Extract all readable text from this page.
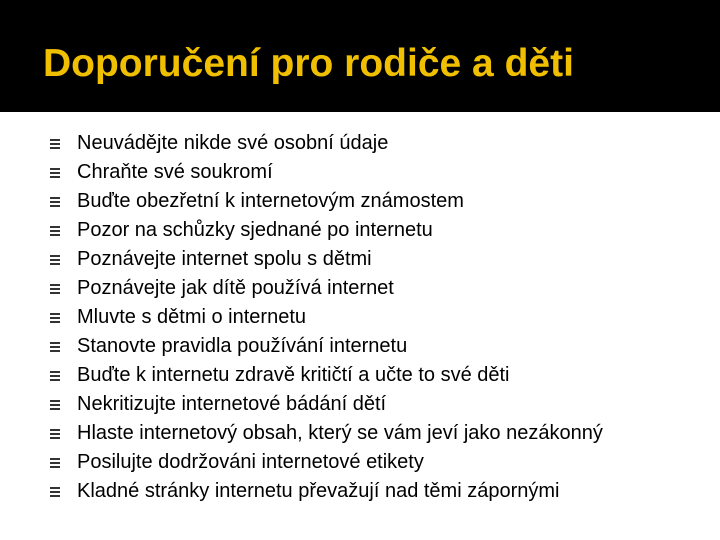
Doporučení pro rodiče a děti
Neuvádějte nikde své osobní údaje
Chraňte své soukromí
Buďte obezřetní k internetovým známostem
Pozor na schůzky sjednané po internetu
Poznávejte internet spolu s dětmi
Poznávejte jak dítě používá internet
Mluvte s dětmi o internetu
Stanovte pravidla používání internetu
Buďte k internetu zdravě kritičtí a učte to své děti
Nekritizujte internetové bádání dětí
Hlaste internetový obsah, který se vám jeví jako nezákonný
Posilujte dodržováni internetové etikety
Kladné stránky internetu převažují nad těmi zápornými
